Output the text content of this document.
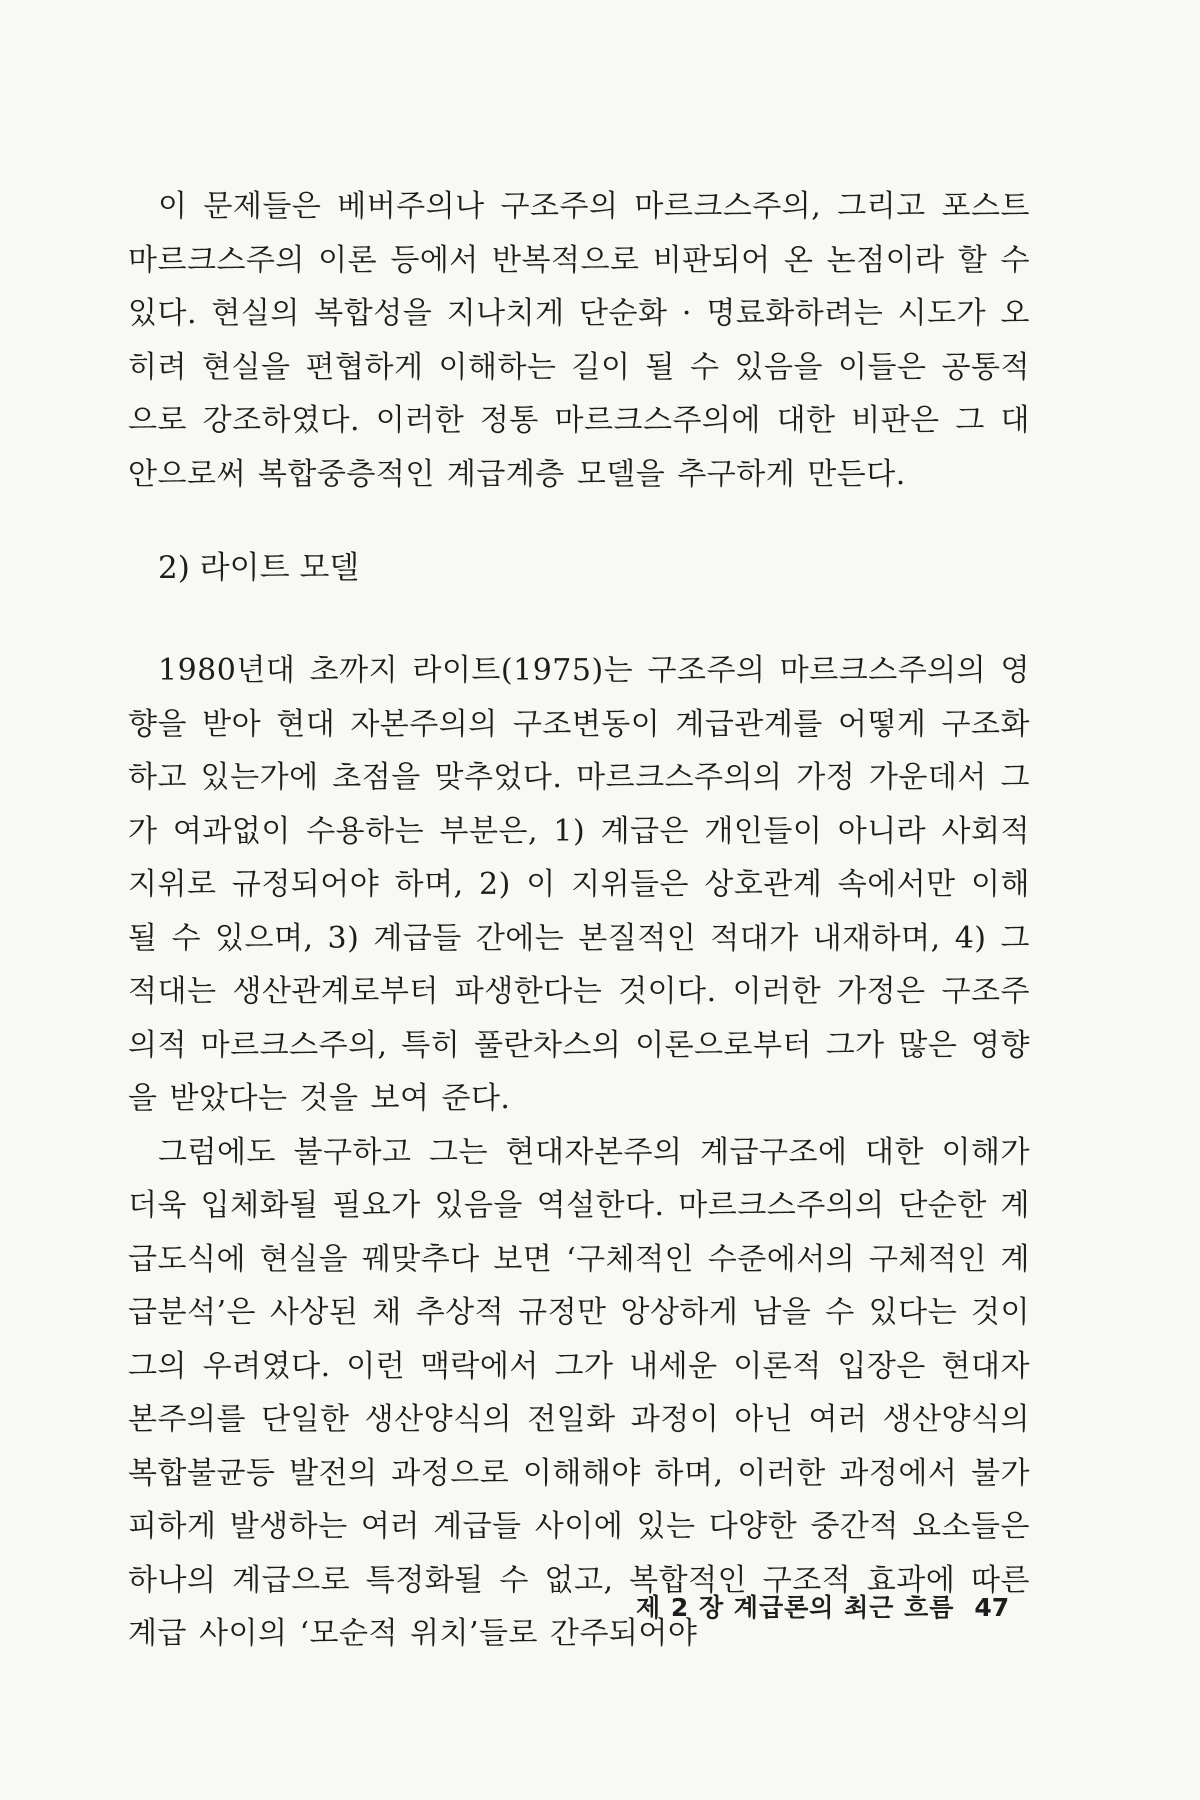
이 문제들은 베버주의나 구조주의 마르크스주의, 그리고 포스트 마르크스주의 이론 등에서 반복적으로 비판되어 온 논점이라 할 수 있다. 현실의 복합성을 지나치게 단순화 · 명료화하려는 시도가 오히려 현실을 편협하게 이해하는 길이 될 수 있음을 이들은 공통적으로 강조하였다. 이러한 정통 마르크스주의에 대한 비판은 그 대안으로써 복합중층적인 계급계층 모델을 추구하게 만든다.

2) 라이트 모델

1980년대 초까지 라이트(1975)는 구조주의 마르크스주의의 영향을 받아 현대 자본주의의 구조변동이 계급관계를 어떻게 구조화하고 있는가에 초점을 맞추었다. 마르크스주의의 가정 가운데서 그가 여과없이 수용하는 부분은, 1) 계급은 개인들이 아니라 사회적 지위로 규정되어야 하며, 2) 이 지위들은 상호관계 속에서만 이해될 수 있으며, 3) 계급들 간에는 본질적인 적대가 내재하며, 4) 그 적대는 생산관계로부터 파생한다는 것이다. 이러한 가정은 구조주의적 마르크스주의, 특히 풀란차스의 이론으로부터 그가 많은 영향을 받았다는 것을 보여 준다.

그럼에도 불구하고 그는 현대자본주의 계급구조에 대한 이해가 더욱 입체화될 필요가 있음을 역설한다. 마르크스주의의 단순한 계급도식에 현실을 꿰맞추다 보면 ‘구체적인 수준에서의 구체적인 계급분석’은 사상된 채 추상적 규정만 앙상하게 남을 수 있다는 것이 그의 우려였다. 이런 맥락에서 그가 내세운 이론적 입장은 현대자본주의를 단일한 생산양식의 전일화 과정이 아닌 여러 생산양식의 복합불균등 발전의 과정으로 이해해야 하며, 이러한 과정에서 불가피하게 발생하는 여러 계급들 사이에 있는 다양한 중간적 요소들은 하나의 계급으로 특정화될 수 없고, 복합적인 구조적 효과에 따른 계급 사이의 ‘모순적 위치’들로 간주되어야

제 2 장 계급론의 최근 흐름 47
